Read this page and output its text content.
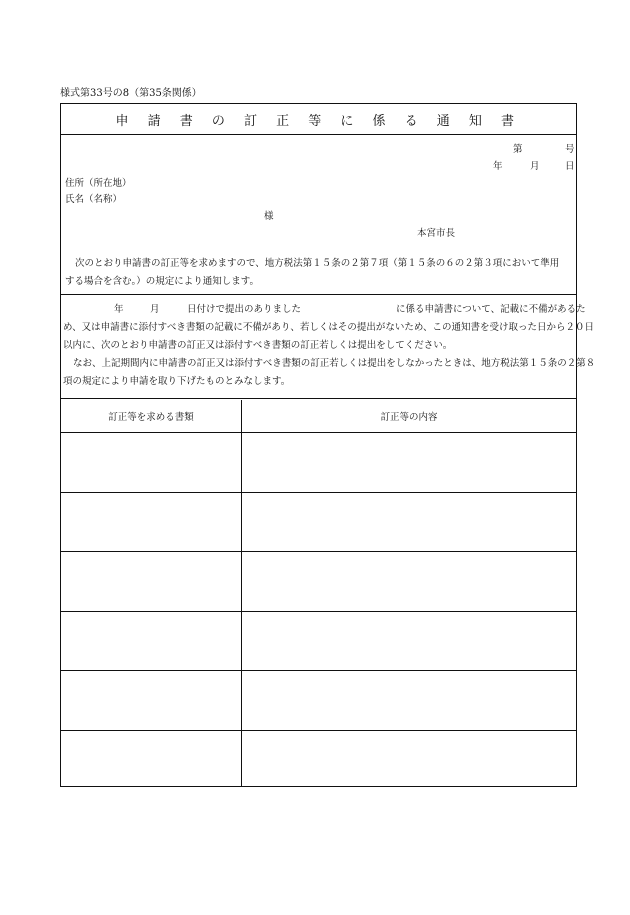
様式第33号の8（第35条関係）
申 請 書 の 訂 正 等 に 係 る 通 知 書
第	号
年	月	日
住所（所在地）
氏名（名称）
様
本宮市長
次のとおり申請書の訂正等を求めますので、地方税法第１５条の２第７項（第１５条の６の２第３項において準用
する場合を含む。）の規定により通知します。
年	月	日付けで提出のありました	に係る申請書について、記載に不備があるた
め、又は申請書に添付すべき書類の記載に不備があり、若しくはその提出がないため、この通知書を受け取った日から２０日
以内に、次のとおり申請書の訂正又は添付すべき書類の訂正若しくは提出をしてください。
なお、上記期間内に申請書の訂正又は添付すべき書類の訂正若しくは提出をしなかったときは、地方税法第１５条の２第８
項の規定により申請を取り下げたものとみなします。
訂正等を求める書類	訂正等の内容
